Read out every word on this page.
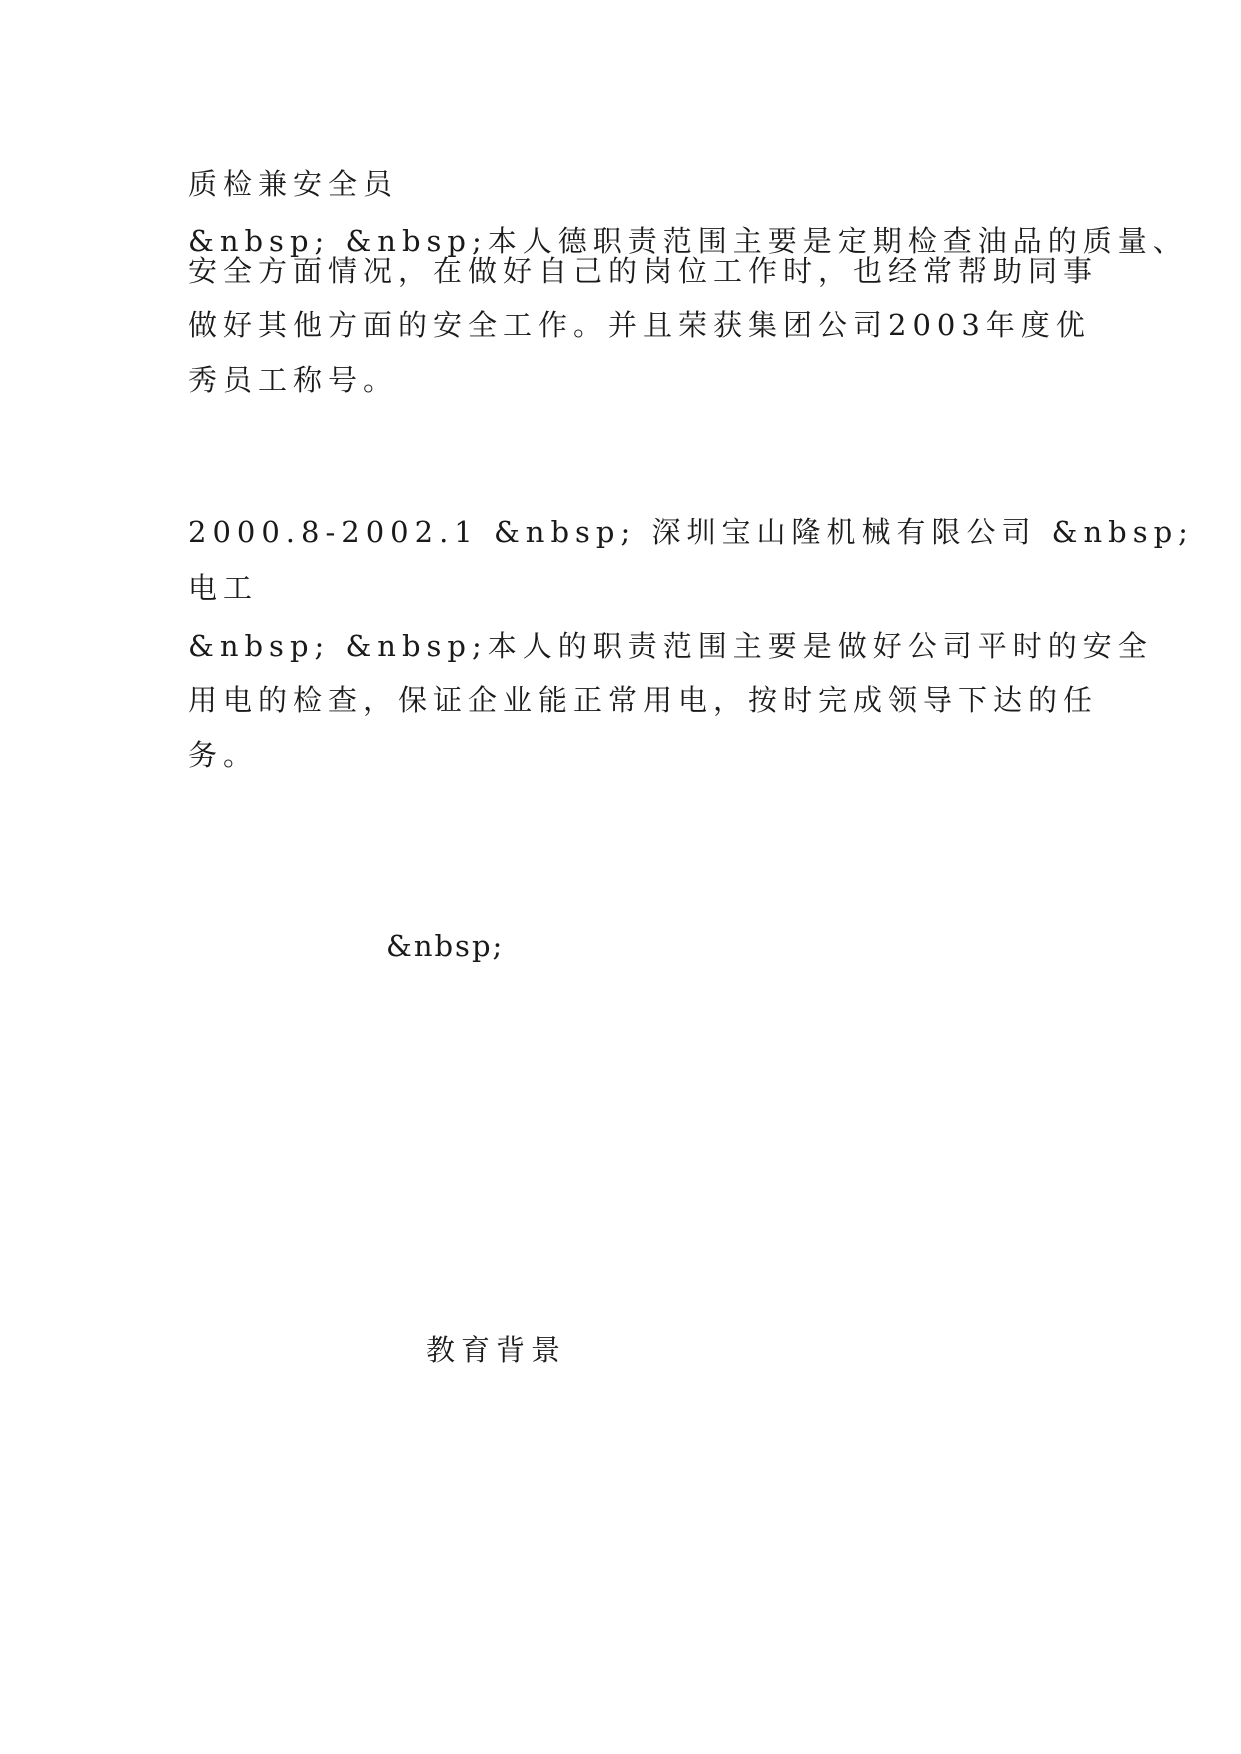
质检兼安全员
&nbsp; &nbsp;本人德职责范围主要是定期检查油品的质量、
安全方面情况，在做好自己的岗位工作时，也经常帮助同事
做好其他方面的安全工作。并且荣获集团公司2003年度优
秀员工称号。
2000.8-2002.1 &nbsp; 深圳宝山隆机械有限公司 &nbsp;
电工
&nbsp; &nbsp;本人的职责范围主要是做好公司平时的安全
用电的检查，保证企业能正常用电，按时完成领导下达的任
务。
&nbsp;
教育背景
